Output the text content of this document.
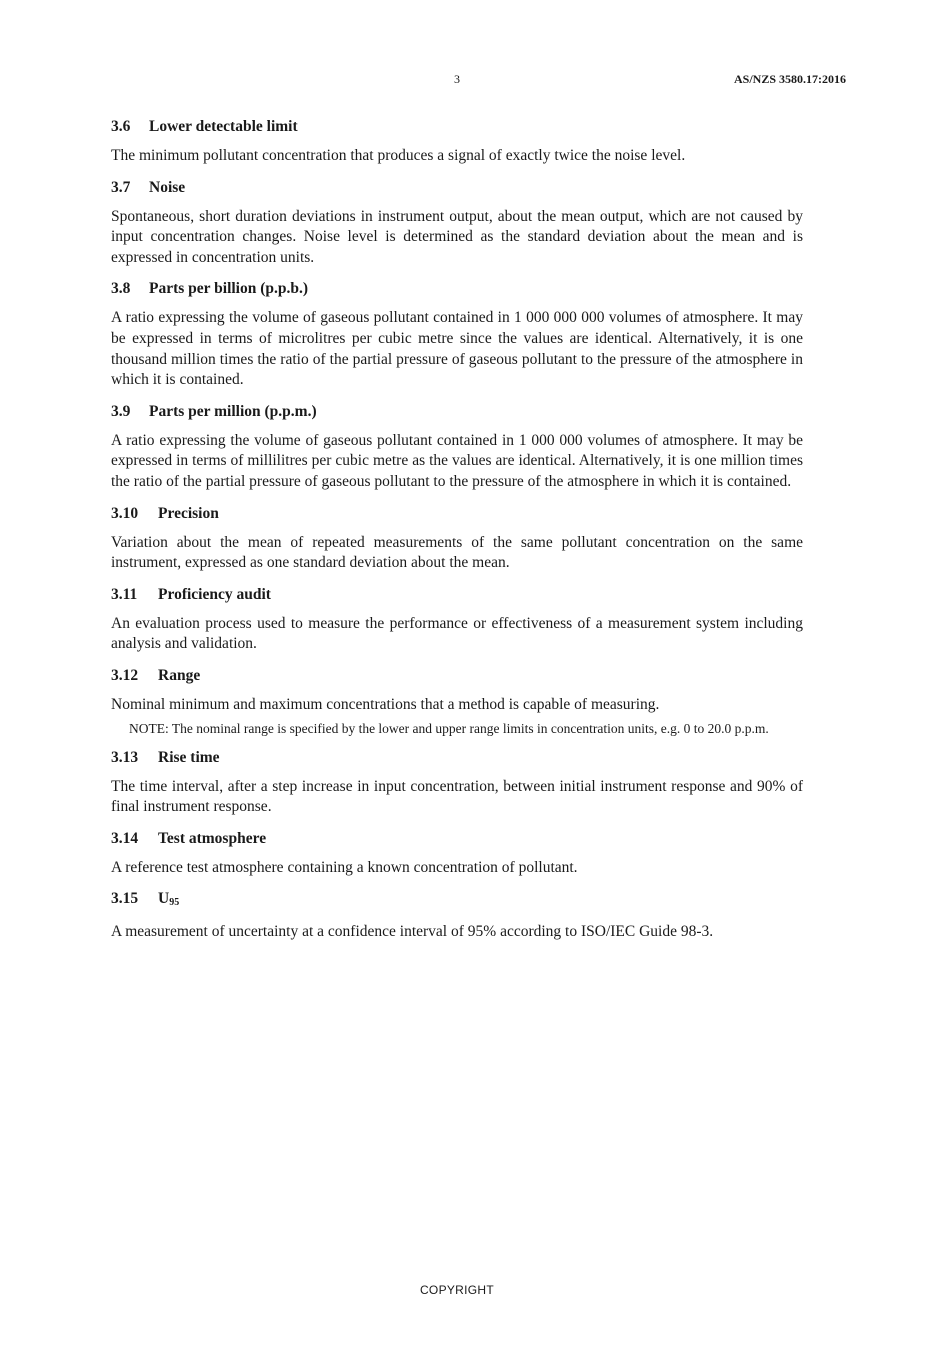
3	AS/NZS 3580.17:2016
3.6 Lower detectable limit

The minimum pollutant concentration that produces a signal of exactly twice the noise level.

3.7 Noise

Spontaneous, short duration deviations in instrument output, about the mean output, which are not caused by input concentration changes. Noise level is determined as the standard deviation about the mean and is expressed in concentration units.

3.8 Parts per billion (p.p.b.)

A ratio expressing the volume of gaseous pollutant contained in 1 000 000 000 volumes of atmosphere. It may be expressed in terms of microlitres per cubic metre since the values are identical. Alternatively, it is one thousand million times the ratio of the partial pressure of gaseous pollutant to the pressure of the atmosphere in which it is contained.

3.9 Parts per million (p.p.m.)

A ratio expressing the volume of gaseous pollutant contained in 1 000 000 volumes of atmosphere. It may be expressed in terms of millilitres per cubic metre as the values are identical. Alternatively, it is one million times the ratio of the partial pressure of gaseous pollutant to the pressure of the atmosphere in which it is contained.

3.10 Precision

Variation about the mean of repeated measurements of the same pollutant concentration on the same instrument, expressed as one standard deviation about the mean.

3.11 Proficiency audit

An evaluation process used to measure the performance or effectiveness of a measurement system including analysis and validation.

3.12 Range

Nominal minimum and maximum concentrations that a method is capable of measuring.

NOTE: The nominal range is specified by the lower and upper range limits in concentration units, e.g. 0 to 20.0 p.p.m.

3.13 Rise time

The time interval, after a step increase in input concentration, between initial instrument response and 90% of final instrument response.

3.14 Test atmosphere

A reference test atmosphere containing a known concentration of pollutant.

3.15 $U_{95}$

A measurement of uncertainty at a confidence interval of 95% according to ISO/IEC Guide 98-3.

COPYRIGHT
